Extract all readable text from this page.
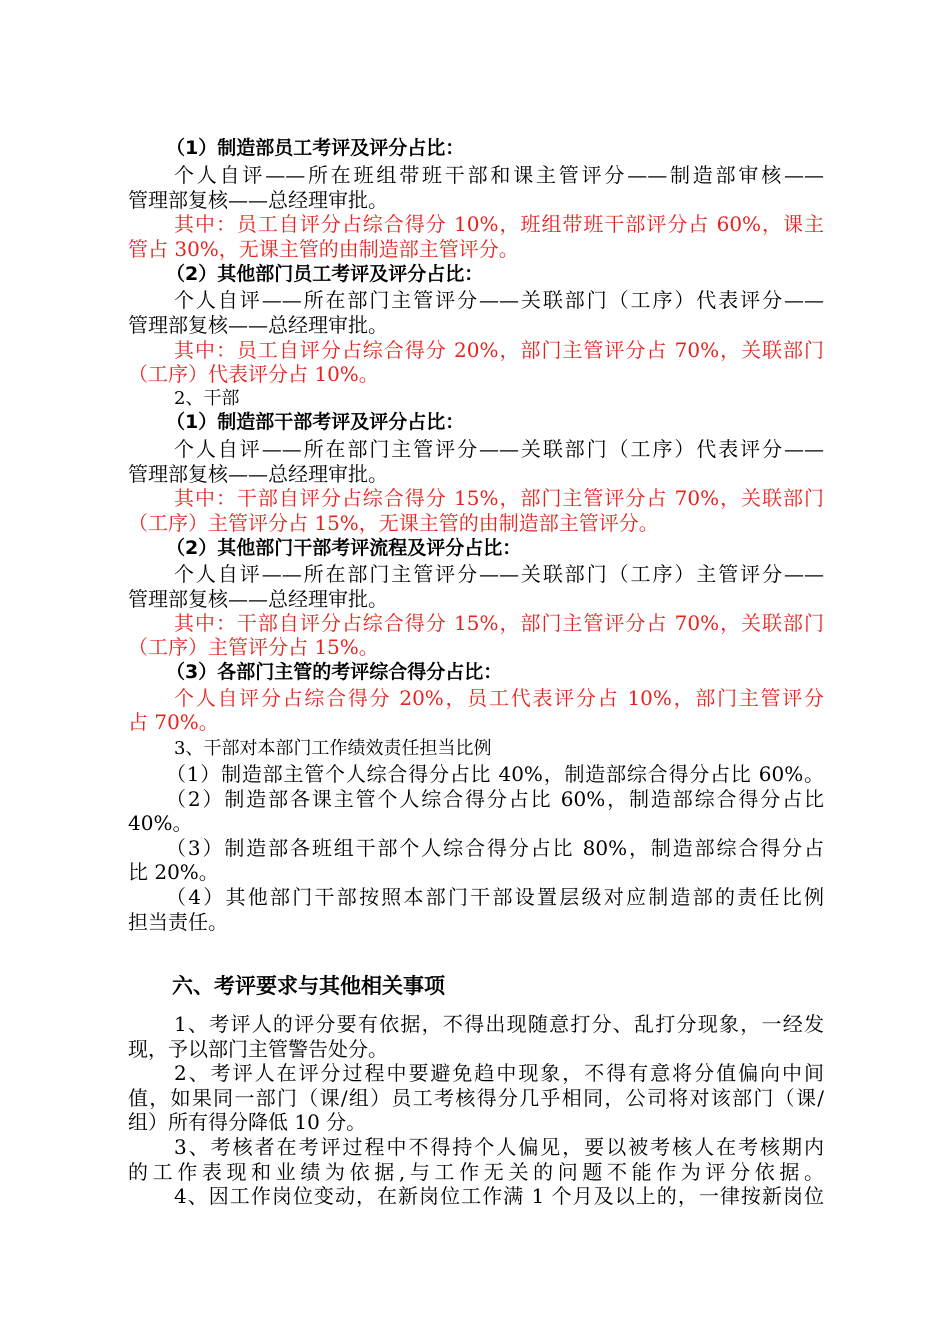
（1）制造部员工考评及评分占比：

个人自评——所在班组带班干部和课主管评分——制造部审核——

管理部复核——总经理审批。

其中：员工自评分占综合得分 10%，班组带班干部评分占 60%，课主

管占 30%，无课主管的由制造部主管评分。

（2）其他部门员工考评及评分占比：

个人自评——所在部门主管评分——关联部门（工序）代表评分——

管理部复核——总经理审批。

其中：员工自评分占综合得分 20%，部门主管评分占 70%，关联部门

（工序）代表评分占 10%。

2、干部

（1）制造部干部考评及评分占比：

个人自评——所在部门主管评分——关联部门（工序）代表评分——

管理部复核——总经理审批。

其中：干部自评分占综合得分 15%，部门主管评分占 70%，关联部门

（工序）主管评分占 15%，无课主管的由制造部主管评分。

（2）其他部门干部考评流程及评分占比：

个人自评——所在部门主管评分——关联部门（工序）主管评分——

管理部复核——总经理审批。

其中：干部自评分占综合得分 15%，部门主管评分占 70%，关联部门

（工序）主管评分占 15%。

（3）各部门主管的考评综合得分占比：

个人自评分占综合得分 20%，员工代表评分占 10%，部门主管评分

占 70%。

3、干部对本部门工作绩效责任担当比例

（1）制造部主管个人综合得分占比 40%，制造部综合得分占比 60%。

（2）制造部各课主管个人综合得分占比 60%，制造部综合得分占比

40%。

（3）制造部各班组干部个人综合得分占比 80%，制造部综合得分占

比 20%。

（4）其他部门干部按照本部门干部设置层级对应制造部的责任比例

担当责任。

六、考评要求与其他相关事项

1、考评人的评分要有依据，不得出现随意打分、乱打分现象，一经发

现，予以部门主管警告处分。

2、考评人在评分过程中要避免趋中现象，不得有意将分值偏向中间

值，如果同一部门（课/组）员工考核得分几乎相同，公司将对该部门（课/

组）所有得分降低 10 分。

3、考核者在考评过程中不得持个人偏见，要以被考核人在考核期内

的工作表现和业绩为依据,与工作无关的问题不能作为评分依据。

4、因工作岗位变动，在新岗位工作满 1 个月及以上的，一律按新岗位
